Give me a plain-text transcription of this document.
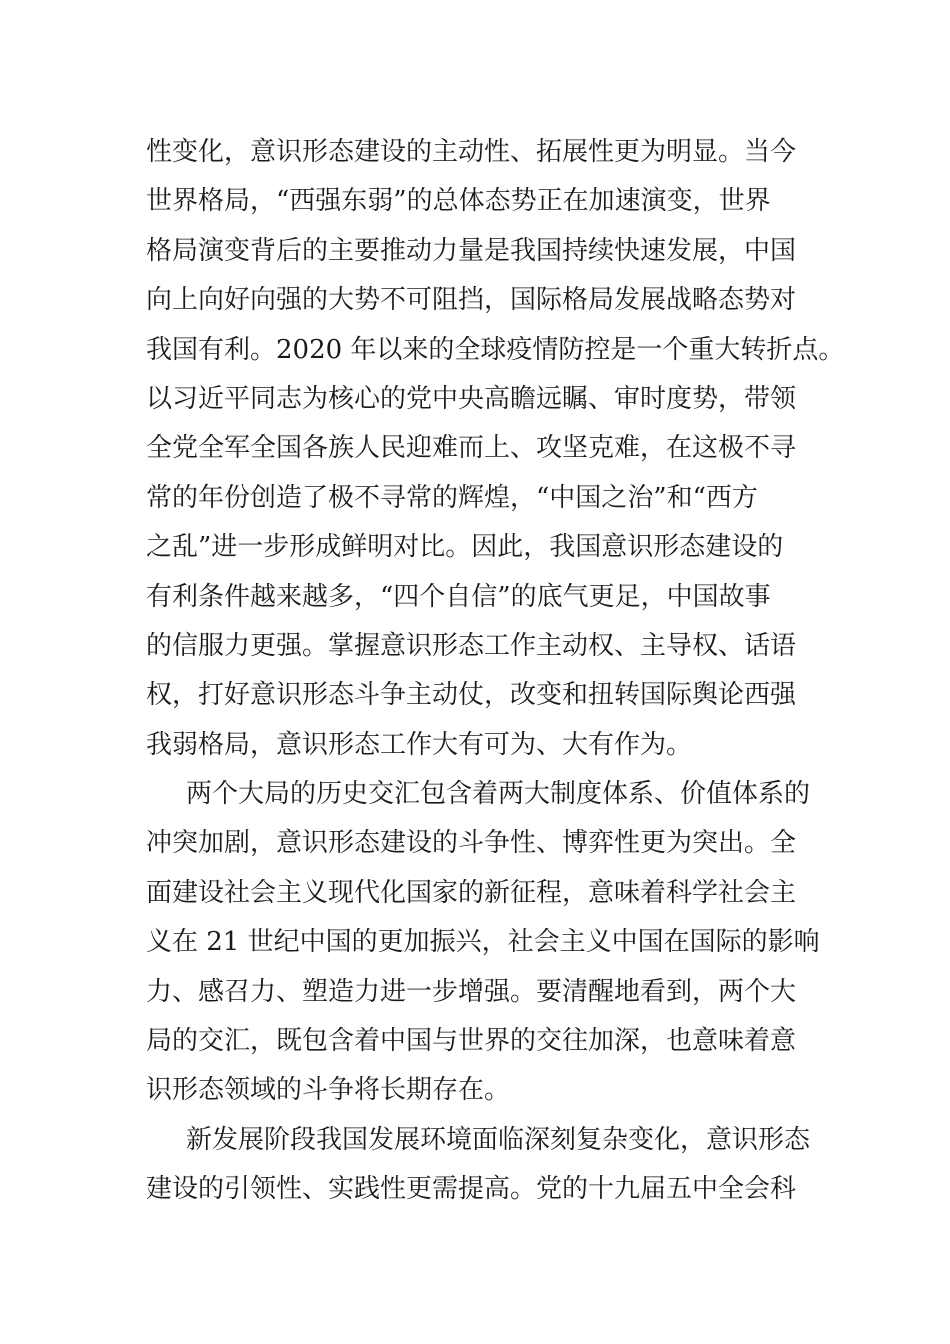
性变化，意识形态建设的主动性、拓展性更为明显。当今
世界格局，“西强东弱”的总体态势正在加速演变，世界
格局演变背后的主要推动力量是我国持续快速发展，中国
向上向好向强的大势不可阻挡，国际格局发展战略态势对
我国有利。2020 年以来的全球疫情防控是一个重大转折点。
以习近平同志为核心的党中央高瞻远瞩、审时度势，带领
全党全军全国各族人民迎难而上、攻坚克难，在这极不寻
常的年份创造了极不寻常的辉煌，“中国之治”和“西方
之乱”进一步形成鲜明对比。因此，我国意识形态建设的
有利条件越来越多，“四个自信”的底气更足，中国故事
的信服力更强。掌握意识形态工作主动权、主导权、话语
权，打好意识形态斗争主动仗，改变和扭转国际舆论西强
我弱格局，意识形态工作大有可为、大有作为。
两个大局的历史交汇包含着两大制度体系、价值体系的
冲突加剧，意识形态建设的斗争性、博弈性更为突出。全
面建设社会主义现代化国家的新征程，意味着科学社会主
义在 21 世纪中国的更加振兴，社会主义中国在国际的影响
力、感召力、塑造力进一步增强。要清醒地看到，两个大
局的交汇，既包含着中国与世界的交往加深，也意味着意
识形态领域的斗争将长期存在。
新发展阶段我国发展环境面临深刻复杂变化，意识形态
建设的引领性、实践性更需提高。党的十九届五中全会科
